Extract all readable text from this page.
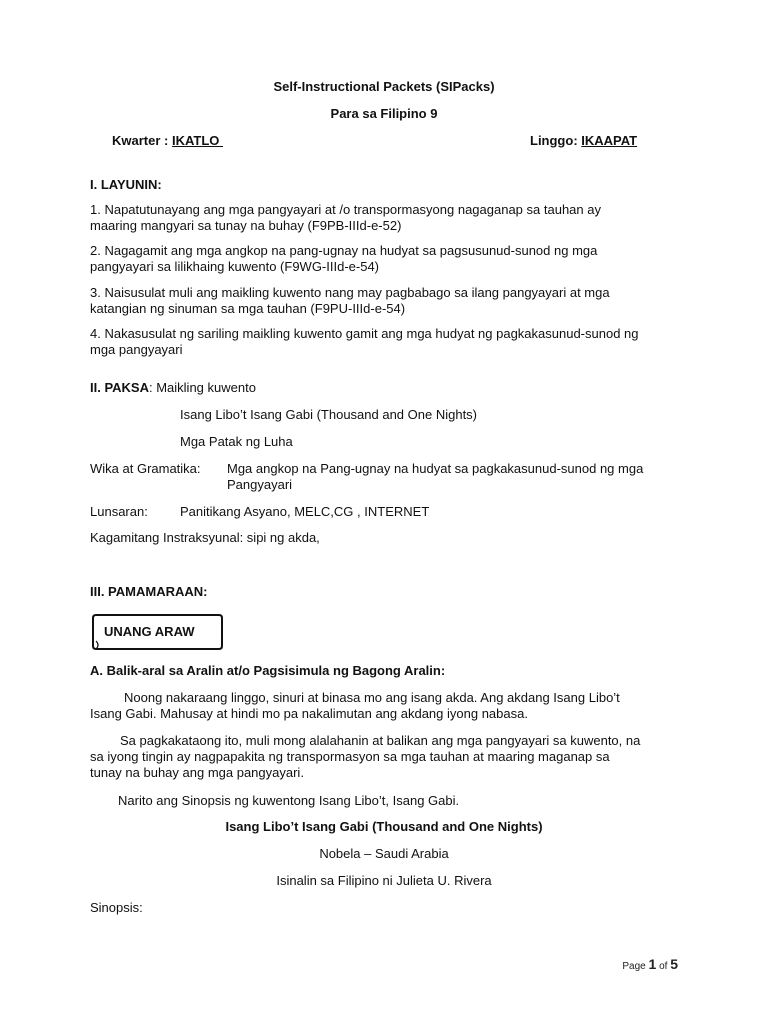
Self-Instructional Packets (SIPacks)
Para sa Filipino 9
Kwarter : IKATLO	Linggo: IKAAPAT
I. LAYUNIN:
1. Napatutunayang ang mga pangyayari at /o transpormasyong nagaganap sa tauhan ay
maaring mangyari sa tunay na buhay (F9PB-IIId-e-52)
2. Nagagamit ang mga angkop na pang-ugnay na hudyat sa pagsusunud-sunod ng mga
pangyayari sa lilikhaing kuwento (F9WG-IIId-e-54)
3. Naisusulat muli ang maikling kuwento nang may pagbabago sa ilang pangyayari at mga
katangian ng sinuman sa mga tauhan (F9PU-IIId-e-54)
4. Nakasusulat ng sariling maikling kuwento gamit ang mga hudyat ng pagkakasunud-sunod ng
mga pangyayari
II. PAKSA: Maikling kuwento
Isang Libo’t Isang Gabi (Thousand and One Nights)
Mga Patak ng Luha
Wika at Gramatika: Mga angkop na Pang-ugnay na hudyat sa pagkakasunud-sunod ng mga
Pangyayari
Lunsaran: Panitikang Asyano, MELC,CG , INTERNET
Kagamitang Instraksyunal: sipi ng akda,
III. PAMAMARAAN:
UNANG ARAW
A. Balik-aral sa Aralin at/o Pagsisimula ng Bagong Aralin:
Noong nakaraang linggo, sinuri at binasa mo ang isang akda. Ang akdang Isang Libo’t
Isang Gabi. Mahusay at hindi mo pa nakalimutan ang akdang iyong nabasa.
Sa pagkakataong ito, muli mong alalahanin at balikan ang mga pangyayari sa kuwento, na
sa iyong tingin ay nagpapakita ng transpormasyon sa mga tauhan at maaring maganap sa
tunay na buhay ang mga pangyayari.
Narito ang Sinopsis ng kuwentong Isang Libo’t, Isang Gabi.
Isang Libo’t Isang Gabi (Thousand and One Nights)
Nobela – Saudi Arabia
Isinalin sa Filipino ni Julieta U. Rivera
Sinopsis:
Page 1 of 5
